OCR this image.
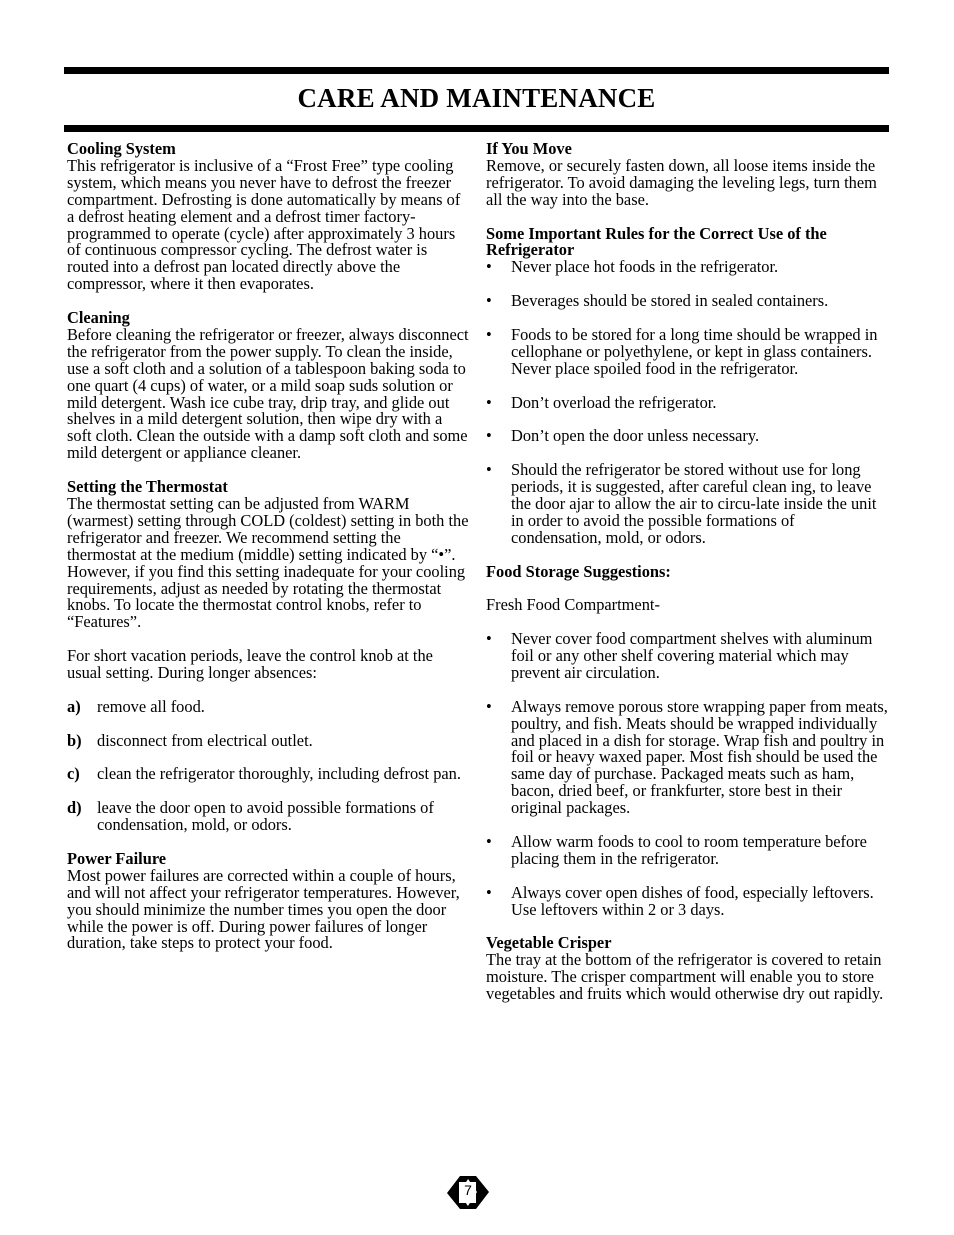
CARE AND MAINTENANCE

Cooling System

This refrigerator is inclusive of a “Frost Free” type cooling system, which means you never have to defrost the freezer compartment. Defrosting is done automatically by means of a defrost heating element and a defrost timer factory-programmed to operate (cycle) after approximately 3 hours of continuous compressor cycling. The defrost water is routed into a defrost pan located directly above the compressor, where it then evaporates.

Cleaning

Before cleaning the refrigerator or freezer, always disconnect the refrigerator from the power supply. To clean the inside, use a soft cloth and a solution of a tablespoon baking soda to one quart (4 cups) of water, or a mild soap suds solution or mild detergent. Wash ice cube tray, drip tray, and glide out shelves in a mild detergent solution, then wipe dry with a soft cloth. Clean the outside with a damp soft cloth and some mild detergent or appliance cleaner.

Setting the Thermostat

The thermostat setting can be adjusted from WARM (warmest) setting through COLD (coldest) setting in both the refrigerator and freezer. We recommend setting the thermostat at the medium (middle) setting indicated by “•”. However, if you find this setting inadequate for your cooling requirements, adjust as needed by rotating the thermostat knobs. To locate the thermostat control knobs, refer to “Features”.

For short vacation periods, leave the control knob at the usual setting. During longer absences:

a) remove all food.
b) disconnect from electrical outlet.
c) clean the refrigerator thoroughly, including defrost pan.
d) leave the door open to avoid possible formations of condensation, mold, or odors.

Power Failure

Most power failures are corrected within a couple of hours, and will not affect your refrigerator temperatures. However, you should minimize the number times you open the door while the power is off. During power failures of longer duration, take steps to protect your food.

If You Move

Remove, or securely fasten down, all loose items inside the refrigerator. To avoid damaging the leveling legs, turn them all the way into the base.

Some Important Rules for the Correct Use of the Refrigerator

• Never place hot foods in the refrigerator.
• Beverages should be stored in sealed containers.
• Foods to be stored for a long time should be wrapped in cellophane or polyethylene, or kept in glass containers. Never place spoiled food in the refrigerator.
• Don’t overload the refrigerator.
• Don’t open the door unless necessary.
• Should the refrigerator be stored without use for long periods, it is suggested, after careful clean ing, to leave the door ajar to allow the air to circu-late inside the unit in order to avoid the possible formations of condensation, mold, or odors.

Food Storage Suggestions:

Fresh Food Compartment-

• Never cover food compartment shelves with aluminum foil or any other shelf covering material which may prevent air circulation.
• Always remove porous store wrapping paper from meats, poultry, and fish. Meats should be wrapped individually and placed in a dish for storage. Wrap fish and poultry in foil or heavy waxed paper. Most fish should be used the same day of purchase. Packaged meats such as ham, bacon, dried beef, or frankfurter, store best in their original packages.
• Allow warm foods to cool to room temperature before placing them in the refrigerator.
• Always cover open dishes of food, especially leftovers. Use leftovers within 2 or 3 days.

Vegetable Crisper

The tray at the bottom of the refrigerator is covered to retain moisture. The crisper compartment will enable you to store vegetables and fruits which would otherwise dry out rapidly.

7
